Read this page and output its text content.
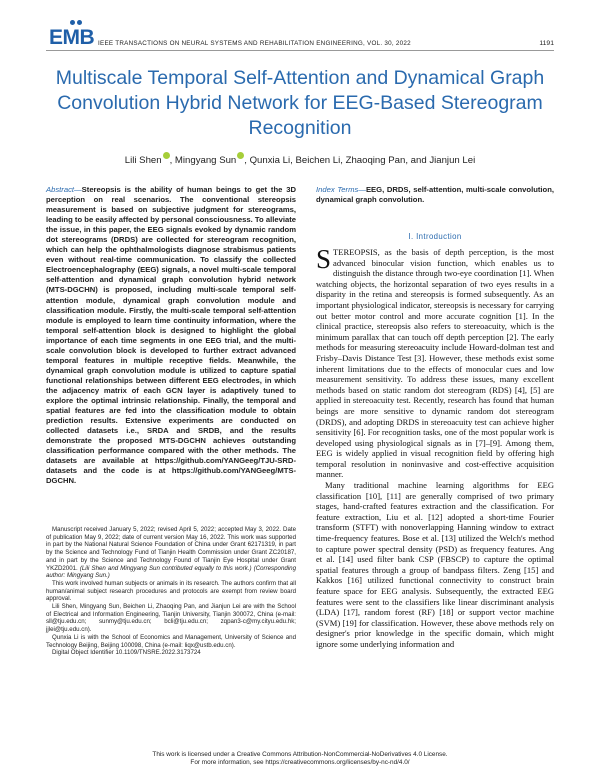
EMB IEEE TRANSACTIONS ON NEURAL SYSTEMS AND REHABILITATION ENGINEERING, VOL. 30, 2022	1191
Multiscale Temporal Self-Attention and Dynamical Graph Convolution Hybrid Network for EEG-Based Stereogram Recognition
Lili Shen , Mingyang Sun , Qunxia Li, Beichen Li, Zhaoqing Pan, and Jianjun Lei
Abstract—Stereopsis is the ability of human beings to get the 3D perception on real scenarios. The conventional stereopsis measurement is based on subjective judgment for stereograms, leading to be easily affected by personal consciousness. To alleviate the issue, in this paper, the EEG signals evoked by dynamic random dot stereograms (DRDS) are collected for stereogram recognition, which can help the ophthalmologists diagnose strabismus patients even without real-time communication. To classify the collected Electroencephalography (EEG) signals, a novel multi-scale temporal self-attention and dynamical graph convolution hybrid network (MTS-DGCHN) is proposed, including multi-scale temporal self-attention module, dynamical graph convolution module and classification module. Firstly, the multi-scale temporal self-attention module is employed to learn time continuity information, where the temporal self-attention block is designed to highlight the global importance of each time segments in one EEG trial, and the multi-scale convolution block is developed to further extract advanced temporal features in multiple receptive fields. Meanwhile, the dynamical graph convolution module is utilized to capture spatial functional relationships between different EEG electrodes, in which the adjacency matrix of each GCN layer is adaptively tuned to explore the optimal intrinsic relationship. Finally, the temporal and spatial features are fed into the classification module to obtain prediction results. Extensive experiments are conducted on collected datasets i.e., SRDA and SRDB, and the results demonstrate the proposed MTS-DGCHN achieves outstanding classification performance compared with the other methods. The datasets are available at https://github.com/YANGeeg/TJU-SRD-datasets and the code is at https://github.com/YANGeeg/MTS-DGCHN.

Manuscript received January 5, 2022; revised April 5, 2022; accepted May 3, 2022. Date of publication May 9, 2022; date of current version May 16, 2022. This work was supported in part by the National Natural Science Foundation of China under Grant 62171319, in part by the Science and Technology Fund of Tianjin Health Commission under Grant ZC20187, and in part by the Science and Technology Found of Tianjin Eye Hospital under Grant YKZD2001. (Lili Shen and Mingyang Sun contributed equally to this work.) (Corresponding author: Mingyang Sun.)

This work involved human subjects or animals in its research. The authors confirm that all human/animal subject research procedures and protocols are exempt from review board approval.

Lili Shen, Mingyang Sun, Beichen Li, Zhaoqing Pan, and Jianjun Lei are with the School of Electrical and Information Engineering, Tianjin University, Tianjin 300072, China (e-mail: sll@tju.edu.cn; sunmy@tju.edu.cn; bcli@tju.edu.cn; zqpan3-c@my.cityu.edu.hk; jjlei@tju.edu.cn).

Qunxia Li is with the School of Economics and Management, University of Science and Technology Beijing, Beijing 100098, China (e-mail: liqx@ustb.edu.cn).

Digital Object Identifier 10.1109/TNSRE.2022.3173724

Index Terms—EEG, DRDS, self-attention, multi-scale convolution, dynamical graph convolution.
I. Introduction

STEREOPSIS, as the basis of depth perception, is the most advanced binocular vision function, which enables us to distinguish the distance through two-eye coordination [1]. When watching objects, the horizontal separation of two eyes results in a disparity in the retina and stereopsis is formed subsequently. As an important physiological indicator, stereopsis is necessary for carrying out better motor control and more accurate cognition [1]. In the clinical practice, stereopsis also refers to stereoacuity, which is the minimum parallax that can touch off depth perception [2]. The early methods for measuring stereoacuity include Howard-dolman test and Frisby–Davis Distance Test [3]. However, these methods exist some inherent limitations due to the effects of monocular cues and low measurement sensitivity. To address these issues, many excellent methods based on static random dot stereogram (RDS) [4], [5] are applied in stereoacuity test. Recently, research has found that human beings are more sensitive to dynamic random dot stereogram (DRDS), and adopting DRDS in stereoacuity test can achieve higher sensitivity [6]. For recognition tasks, one of the most popular work is developed using physiological signals as in [7]–[9]. Among them, EEG is widely applied in visual recognition field by offering high temporal resolution in noninvasive and cost-effective acquisition manner.

Many traditional machine learning algorithms for EEG classification [10], [11] are generally comprised of two primary stages, hand-crafted features extraction and the classification. For feature extraction, Liu et al. [12] adopted a short-time Fourier transform (STFT) with nonoverlapping Hanning window to extract time-frequency features. Bose et al. [13] utilized the Welch's method to capture power spectral density (PSD) as frequency features. Ang et al. [14] used filter bank CSP (FBSCP) to capture the optimal spatial features through a group of bandpass filters. Zeng [15] and Kakkos [16] utilized functional connectivity to construct brain feature space for EEG analysis. Subsequently, the extracted EEG features were sent to the classifiers like linear discriminant analysis (LDA) [17], random forest (RF) [18] or support vector machine (SVM) [19] for classification. However, these above methods rely on designer's prior knowledge in the specific domain, which might ignore some underlying information and

This work is licensed under a Creative Commons Attribution-NonCommercial-NoDerivatives 4.0 License.
For more information, see https://creativecommons.org/licenses/by-nc-nd/4.0/
